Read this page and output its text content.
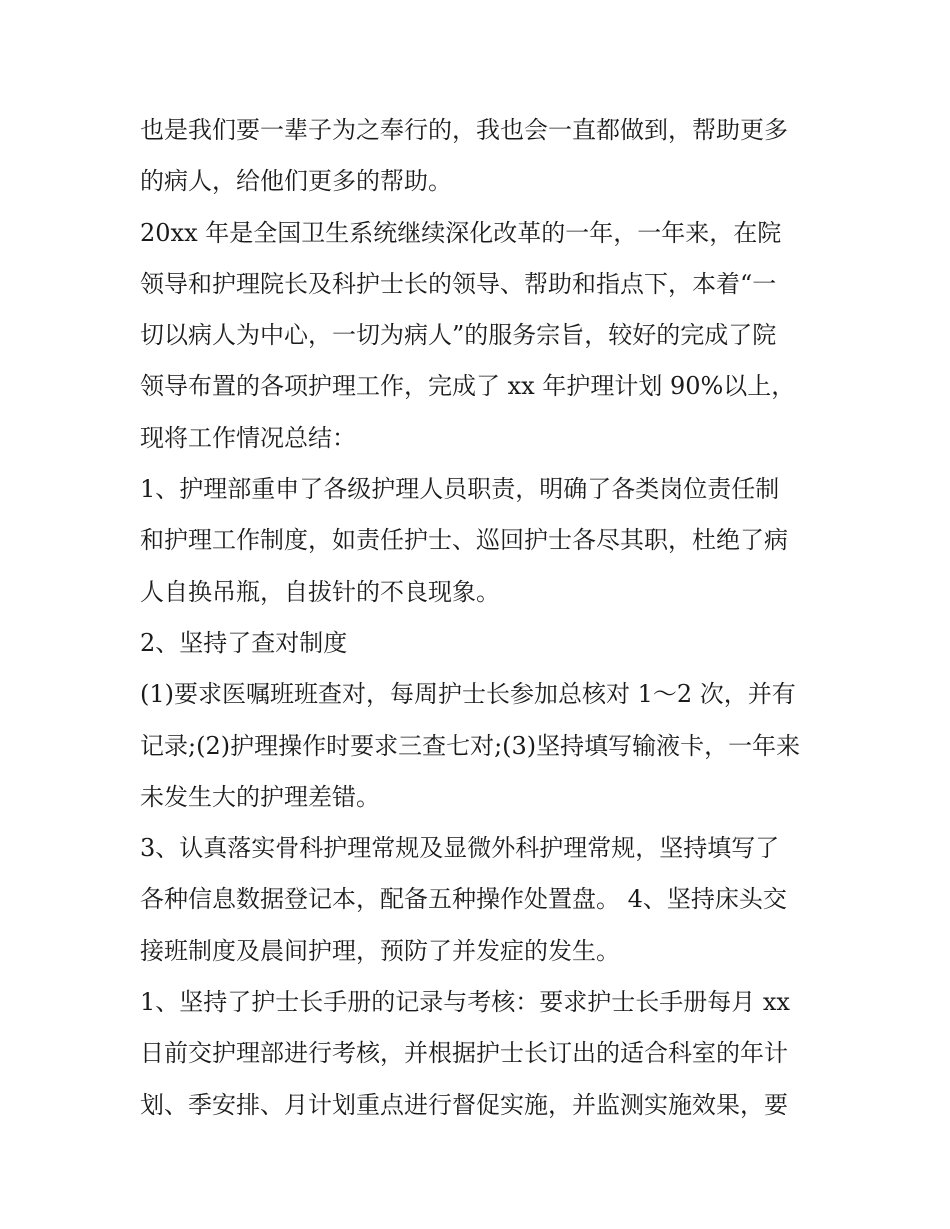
也是我们要一辈子为之奉行的，我也会一直都做到，帮助更多
的病人，给他们更多的帮助。
20xx 年是全国卫生系统继续深化改革的一年，一年来，在院
领导和护理院长及科护士长的领导、帮助和指点下，本着“一
切以病人为中心，一切为病人”的服务宗旨，较好的完成了院
领导布置的各项护理工作，完成了 xx 年护理计划 90%以上，
现将工作情况总结：
1、护理部重申了各级护理人员职责，明确了各类岗位责任制
和护理工作制度，如责任护士、巡回护士各尽其职，杜绝了病
人自换吊瓶，自拔针的不良现象。
2、坚持了查对制度
(1)要求医嘱班班查对，每周护士长参加总核对 1～2 次，并有
记录;(2)护理操作时要求三查七对;(3)坚持填写输液卡，一年来
未发生大的护理差错。
3、认真落实骨科护理常规及显微外科护理常规，坚持填写了
各种信息数据登记本，配备五种操作处置盘。 4、坚持床头交
接班制度及晨间护理，预防了并发症的发生。
1、坚持了护士长手册的记录与考核：要求护士长手册每月 xx
日前交护理部进行考核，并根据护士长订出的适合科室的年计
划、季安排、月计划重点进行督促实施，并监测实施效果，要
